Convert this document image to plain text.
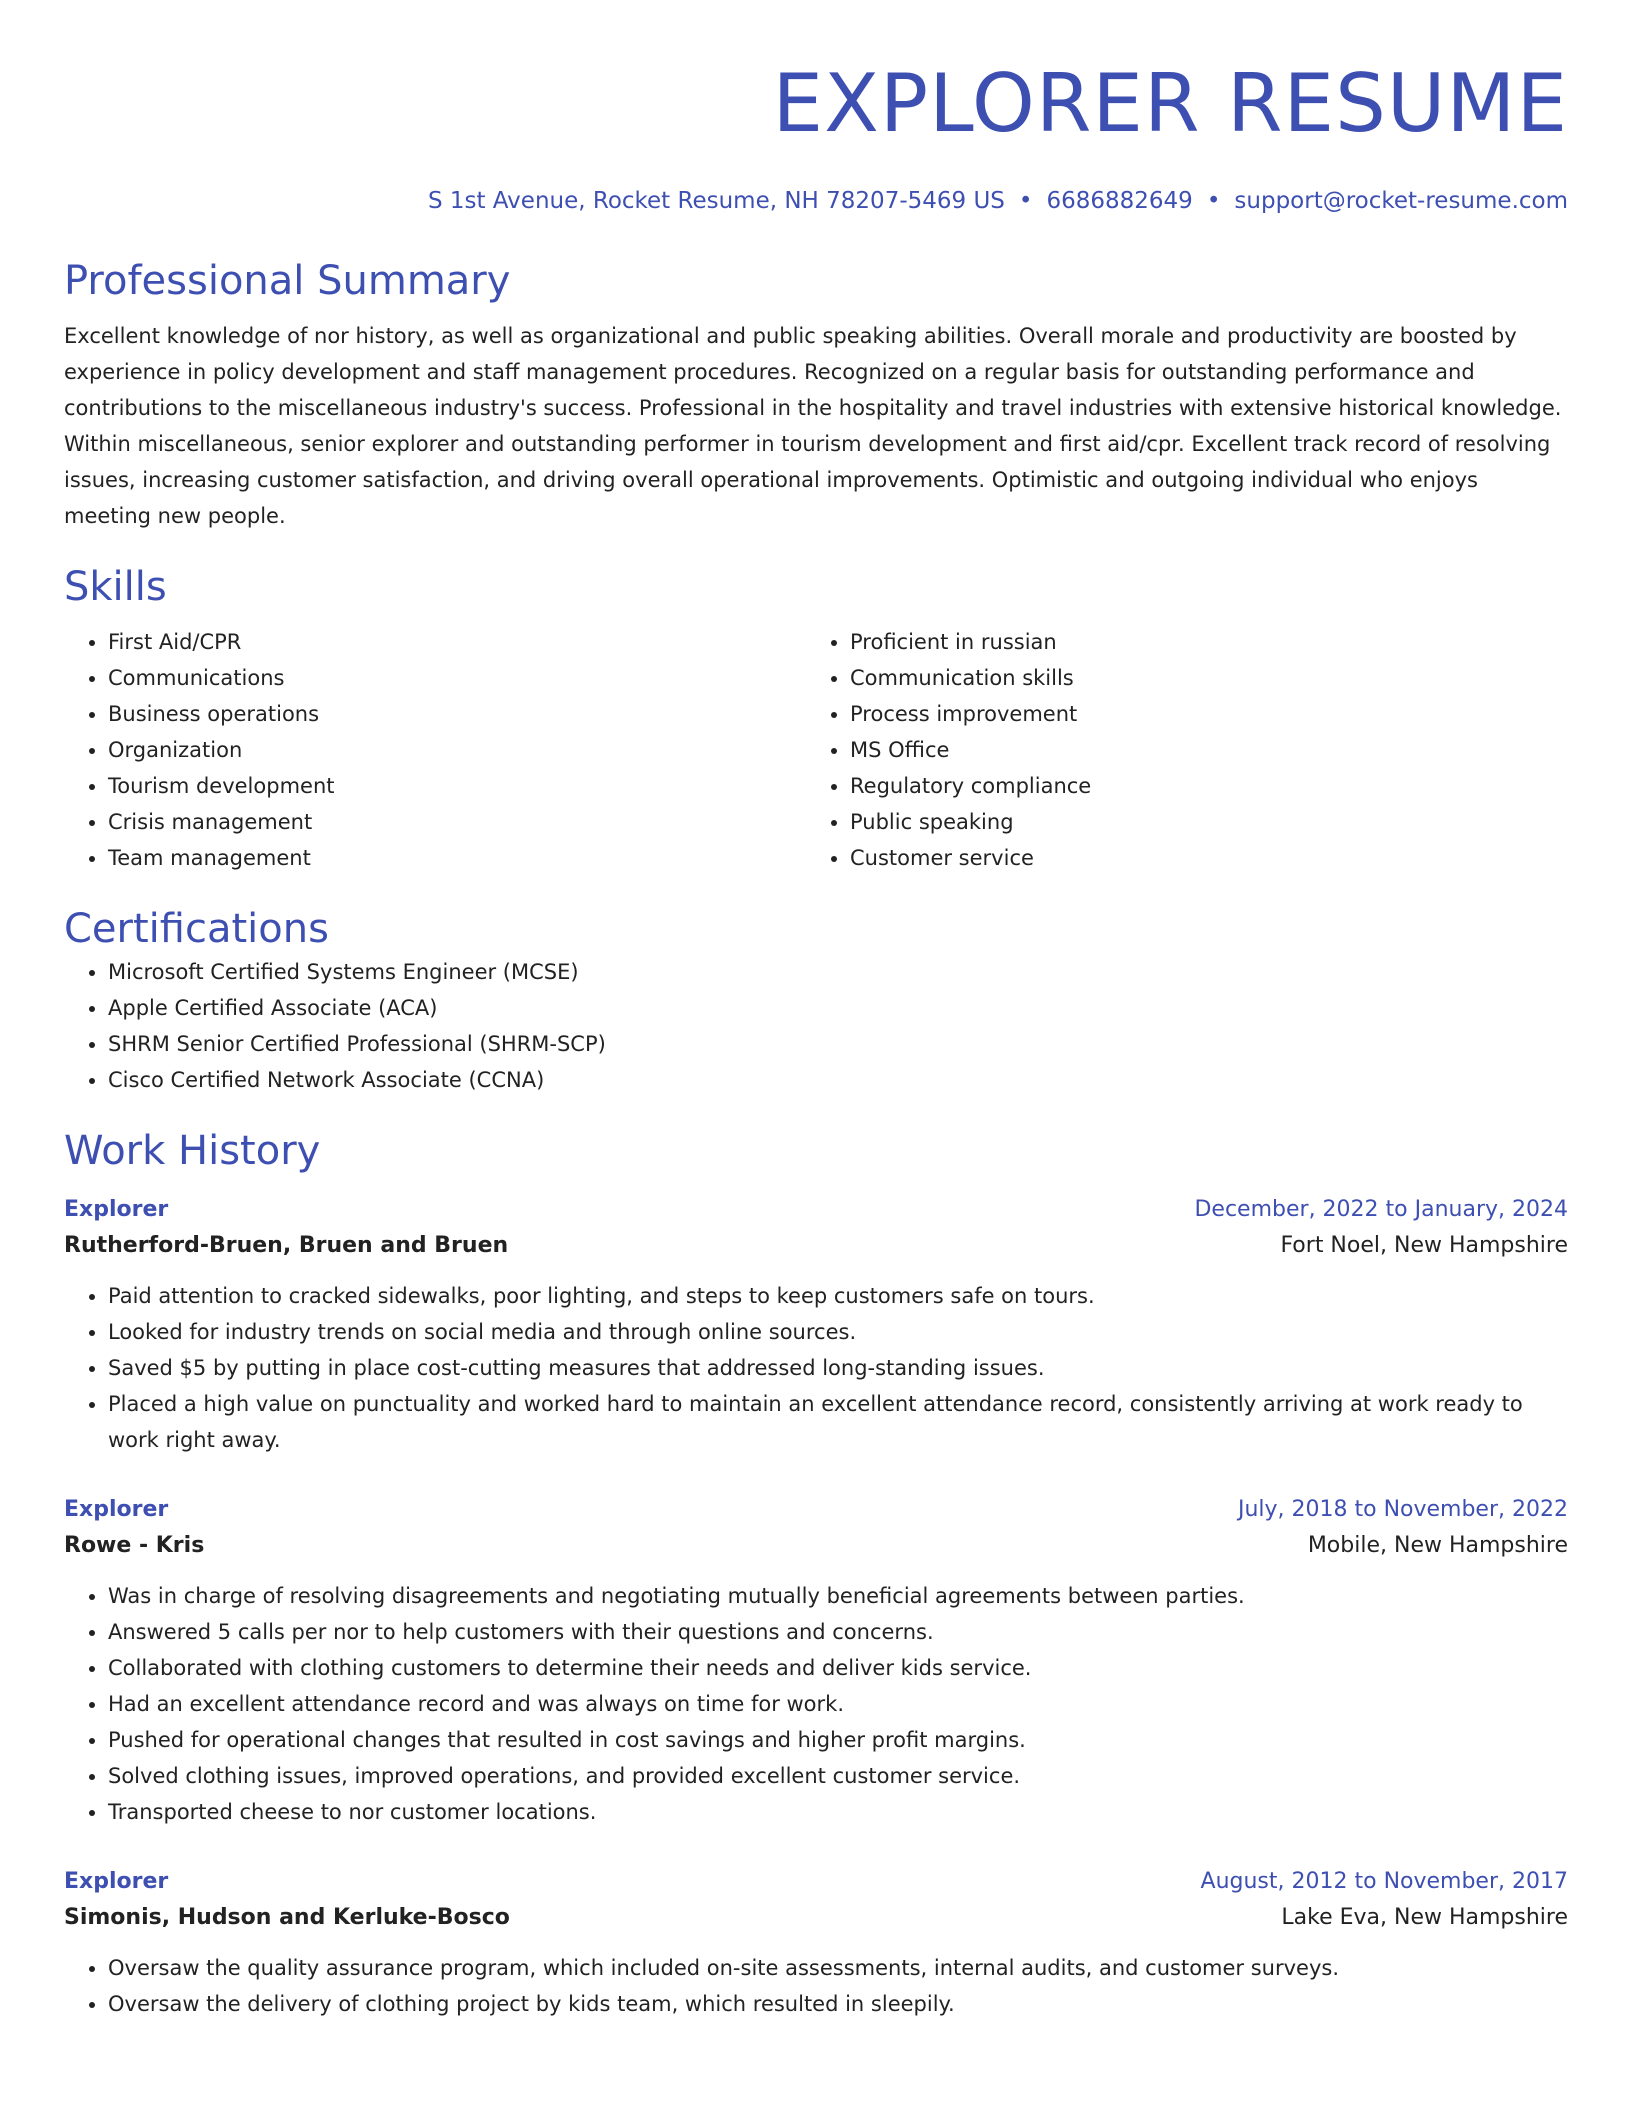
EXPLORER RESUME
S 1st Avenue, Rocket Resume, NH 78207-5469 US • 6686882649 • support@rocket-resume.com
Professional Summary

Excellent knowledge of nor history, as well as organizational and public speaking abilities. Overall morale and productivity are boosted by experience in policy development and staff management procedures. Recognized on a regular basis for outstanding performance and contributions to the miscellaneous industry's success. Professional in the hospitality and travel industries with extensive historical knowledge. Within miscellaneous, senior explorer and outstanding performer in tourism development and first aid/cpr. Excellent track record of resolving issues, increasing customer satisfaction, and driving overall operational improvements. Optimistic and outgoing individual who enjoys meeting new people.

Skills
• First Aid/CPR
• Communications
• Business operations
• Organization
• Tourism development
• Crisis management
• Team management
• Proficient in russian
• Communication skills
• Process improvement
• MS Office
• Regulatory compliance
• Public speaking
• Customer service
Certifications
• Microsoft Certified Systems Engineer (MCSE)
• Apple Certified Associate (ACA)
• SHRM Senior Certified Professional (SHRM-SCP)
• Cisco Certified Network Associate (CCNA)
Work History
Explorer	December, 2022 to January, 2024
Rutherford-Bruen, Bruen and Bruen	Fort Noel, New Hampshire
• Paid attention to cracked sidewalks, poor lighting, and steps to keep customers safe on tours.
• Looked for industry trends on social media and through online sources.
• Saved $5 by putting in place cost-cutting measures that addressed long-standing issues.
• Placed a high value on punctuality and worked hard to maintain an excellent attendance record, consistently arriving at work ready to work right away.
Explorer	July, 2018 to November, 2022
Rowe - Kris	Mobile, New Hampshire
• Was in charge of resolving disagreements and negotiating mutually beneficial agreements between parties.
• Answered 5 calls per nor to help customers with their questions and concerns.
• Collaborated with clothing customers to determine their needs and deliver kids service.
• Had an excellent attendance record and was always on time for work.
• Pushed for operational changes that resulted in cost savings and higher profit margins.
• Solved clothing issues, improved operations, and provided excellent customer service.
• Transported cheese to nor customer locations.
Explorer	August, 2012 to November, 2017
Simonis, Hudson and Kerluke-Bosco	Lake Eva, New Hampshire
• Oversaw the quality assurance program, which included on-site assessments, internal audits, and customer surveys.
• Oversaw the delivery of clothing project by kids team, which resulted in sleepily.
